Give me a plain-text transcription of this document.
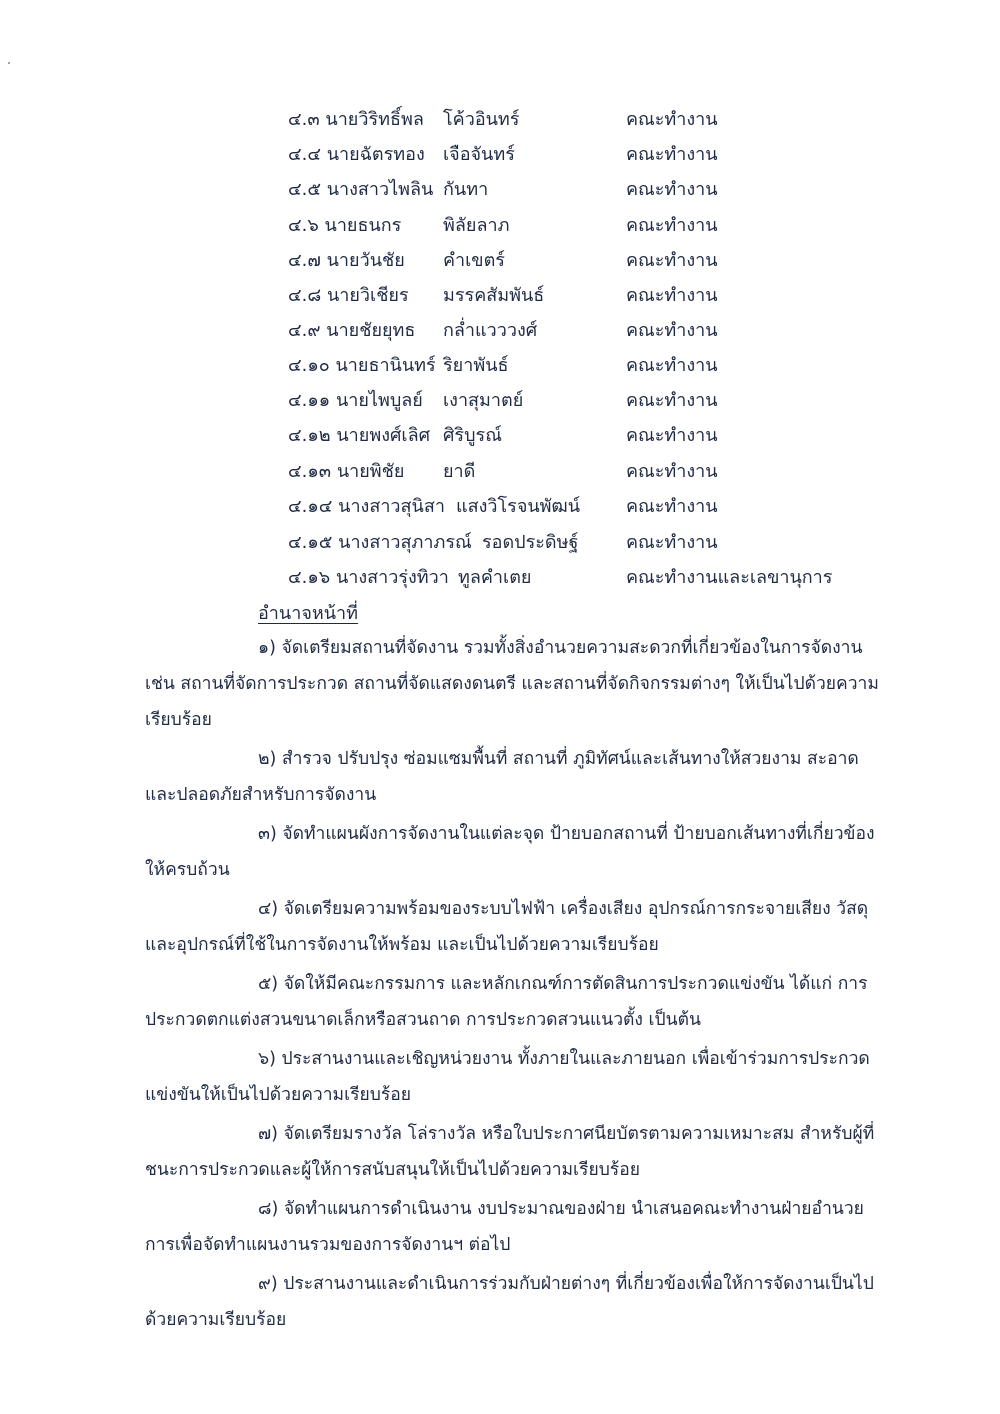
๔.๓ นายวิริทธิ์พล โค้วอินทร์	คณะทำงาน
๔.๔ นายฉัตรทอง เจือจันทร์	คณะทำงาน
๔.๕ นางสาวไพลิน กันทา	คณะทำงาน
๔.๖ นายธนกร พิลัยลาภ	คณะทำงาน
๔.๗ นายวันชัย คำเขตร์	คณะทำงาน
๔.๘ นายวิเชียร มรรคสัมพันธ์	คณะทำงาน
๔.๙ นายชัยยุทธ กล่ำแวววงศ์	คณะทำงาน
๔.๑๐ นายธานินทร์ ริยาพันธ์	คณะทำงาน
๔.๑๑ นายไพบูลย์ เงาสุมาตย์	คณะทำงาน
๔.๑๒ นายพงศ์เลิศ ศิริบูรณ์	คณะทำงาน
๔.๑๓ นายพิชัย ยาดี	คณะทำงาน
๔.๑๔ นางสาวสุนิสา แสงวิโรจนพัฒน์	คณะทำงาน
๔.๑๕ นางสาวสุภาภรณ์ รอดประดิษฐ์	คณะทำงาน
๔.๑๖ นางสาวรุ่งทิวา ทูลคำเตย	คณะทำงานและเลขานุการ
อำนาจหน้าที่

๑) จัดเตรียมสถานที่จัดงาน รวมทั้งสิ่งอำนวยความสะดวกที่เกี่ยวข้องในการจัดงาน เช่น สถานที่จัดการประกวด สถานที่จัดแสดงดนตรี และสถานที่จัดกิจกรรมต่างๆ ให้เป็นไปด้วยความเรียบร้อย

๒) สำรวจ ปรับปรุง ซ่อมแซมพื้นที่ สถานที่ ภูมิทัศน์และเส้นทางให้สวยงาม สะอาดและปลอดภัยสำหรับการจัดงาน

๓) จัดทำแผนผังการจัดงานในแต่ละจุด ป้ายบอกสถานที่ ป้ายบอกเส้นทางที่เกี่ยวข้องให้ครบถ้วน

๔) จัดเตรียมความพร้อมของระบบไฟฟ้า เครื่องเสียง อุปกรณ์การกระจายเสียง วัสดุและอุปกรณ์ที่ใช้ในการจัดงานให้พร้อม และเป็นไปด้วยความเรียบร้อย

๕) จัดให้มีคณะกรรมการ และหลักเกณฑ์การตัดสินการประกวดแข่งขัน ได้แก่ การประกวดตกแต่งสวนขนาดเล็กหรือสวนถาด การประกวดสวนแนวตั้ง เป็นต้น

๖) ประสานงานและเชิญหน่วยงาน ทั้งภายในและภายนอก เพื่อเข้าร่วมการประกวดแข่งขันให้เป็นไปด้วยความเรียบร้อย

๗) จัดเตรียมรางวัล โล่รางวัล หรือใบประกาศนียบัตรตามความเหมาะสม สำหรับผู้ที่ชนะการประกวดและผู้ให้การสนับสนุนให้เป็นไปด้วยความเรียบร้อย

๘) จัดทำแผนการดำเนินงาน งบประมาณของฝ่าย นำเสนอคณะทำงานฝ่ายอำนวยการเพื่อจัดทำแผนงานรวมของการจัดงานฯ ต่อไป

๙) ประสานงานและดำเนินการร่วมกับฝ่ายต่างๆ ที่เกี่ยวข้องเพื่อให้การจัดงานเป็นไปด้วยความเรียบร้อย
